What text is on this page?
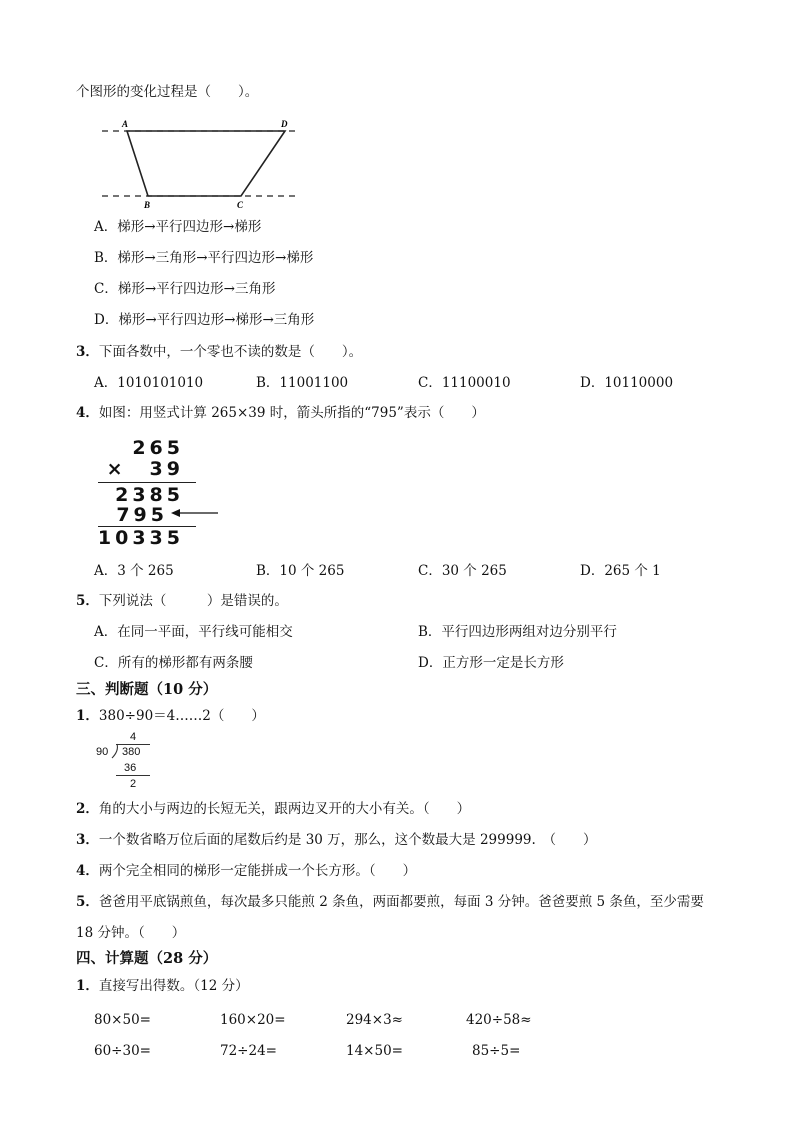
个图形的变化过程是（　　）。
A	D
B	C
A．梯形→平行四边形→梯形
B．梯形→三角形→平行四边形→梯形
C．梯形→平行四边形→三角形
D．梯形→平行四边形→梯形→三角形
3．下面各数中，一个零也不读的数是（　　）。
A．1010101010	B．11001100	C．11100010	D．10110000
4．如图：用竖式计算 265×39 时，箭头所指的“795”表示（　　）
265
×　39
2385
795
10335
A．3 个 265	B．10 个 265	C．30 个 265	D．265 个 1
5．下列说法（　　　）是错误的。
A．在同一平面，平行线可能相交	B．平行四边形两组对边分别平行
C．所有的梯形都有两条腰	D．正方形一定是长方形
三、判断题（10 分）
1．380÷90＝4……2（　　）
4
90 380
36
2
2．角的大小与两边的长短无关，跟两边叉开的大小有关。（　　）
3．一个数省略万位后面的尾数后约是 30 万，那么，这个数最大是 299999.　（　　）
4．两个完全相同的梯形一定能拼成一个长方形。（　　）
5．爸爸用平底锅煎鱼，每次最多只能煎 2 条鱼，两面都要煎，每面 3 分钟。爸爸要煎 5 条鱼，至少需要
18 分钟。（　　）
四、计算题（28 分）
1．直接写出得数。（12 分）
80×50=	160×20=	294×3≈	420÷58≈
60÷30=	72÷24=	14×50=	85÷5=
